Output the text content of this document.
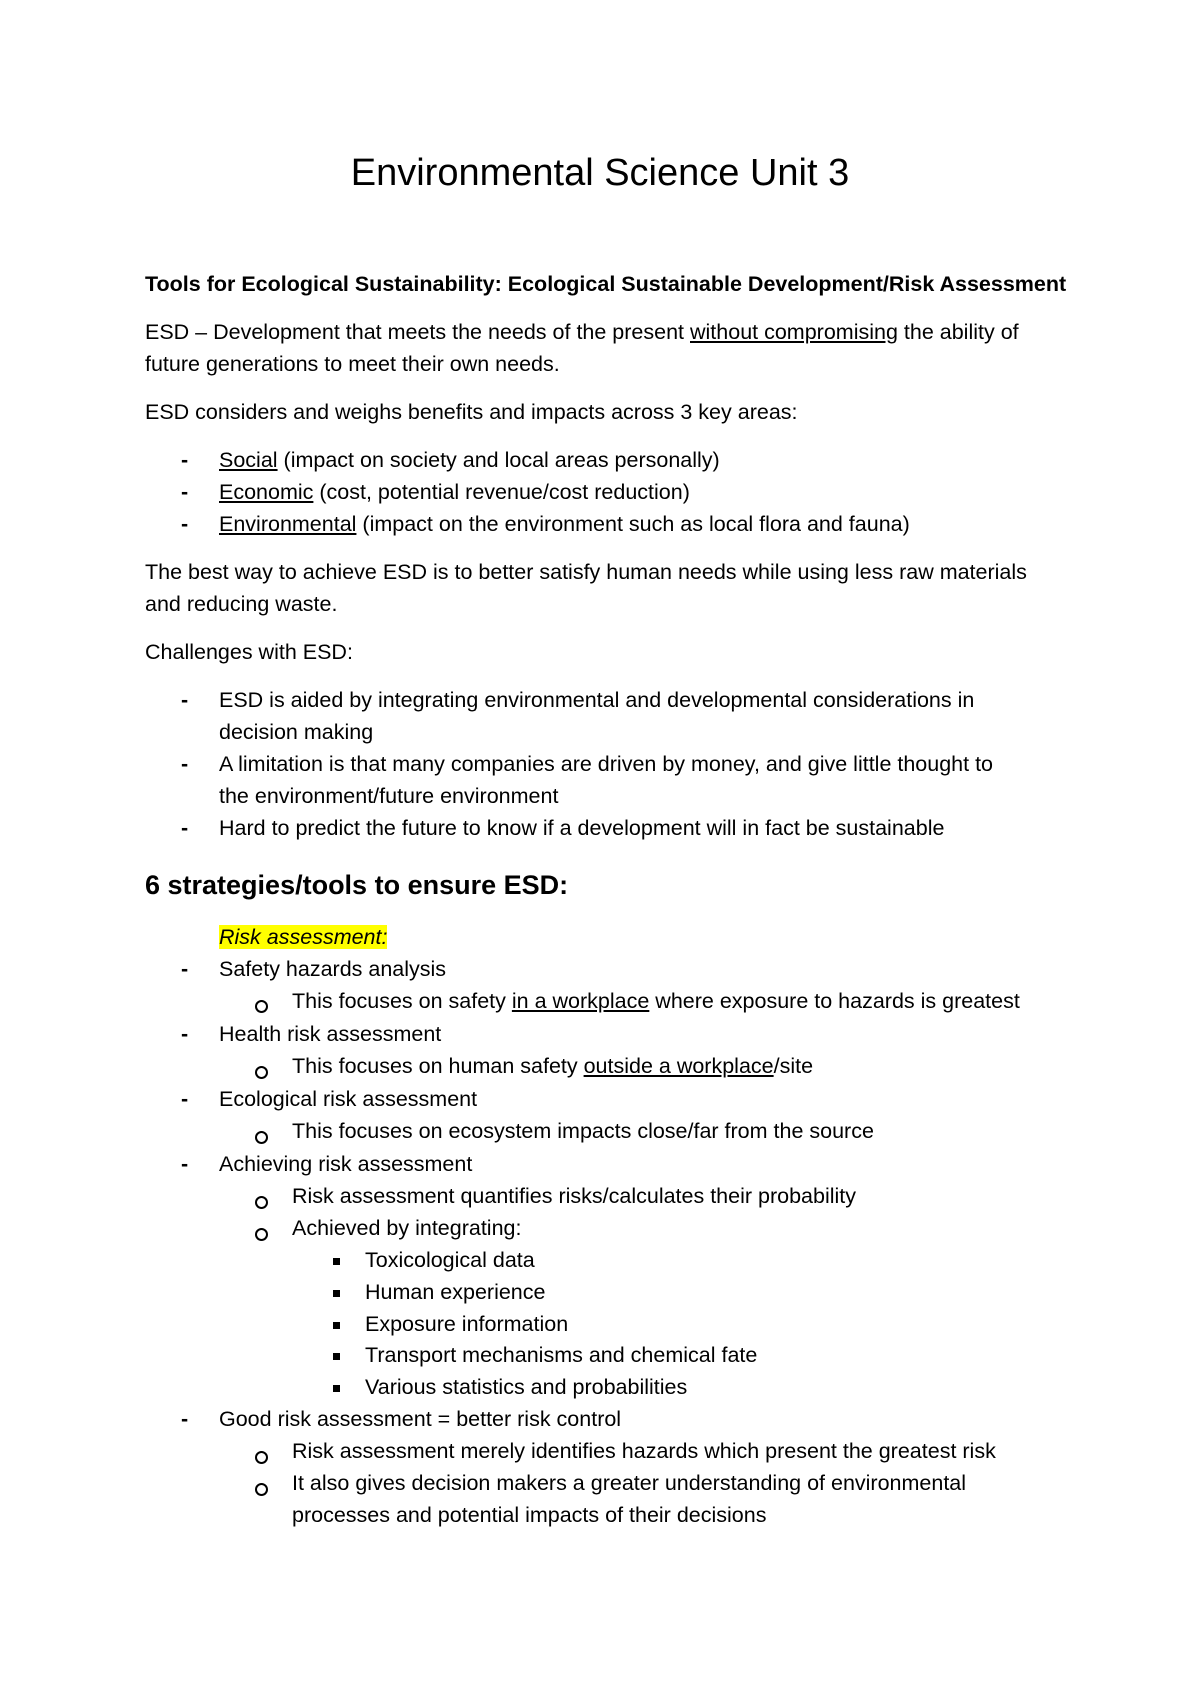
Environmental Science Unit 3
Tools for Ecological Sustainability: Ecological Sustainable Development/Risk Assessment
ESD – Development that meets the needs of the present without compromising the ability of
future generations to meet their own needs.
ESD considers and weighs benefits and impacts across 3 key areas:
- Social (impact on society and local areas personally)
- Economic (cost, potential revenue/cost reduction)
- Environmental (impact on the environment such as local flora and fauna)
The best way to achieve ESD is to better satisfy human needs while using less raw materials
and reducing waste.
Challenges with ESD:
- ESD is aided by integrating environmental and developmental considerations in
decision making
- A limitation is that many companies are driven by money, and give little thought to
the environment/future environment
- Hard to predict the future to know if a development will in fact be sustainable
6 strategies/tools to ensure ESD:
Risk assessment:
- Safety hazards analysis
This focuses on safety in a workplace where exposure to hazards is greatest
- Health risk assessment
This focuses on human safety outside a workplace/site
- Ecological risk assessment
This focuses on ecosystem impacts close/far from the source
- Achieving risk assessment
Risk assessment quantifies risks/calculates their probability
Achieved by integrating:
Toxicological data
Human experience
Exposure information
Transport mechanisms and chemical fate
Various statistics and probabilities
- Good risk assessment = better risk control
Risk assessment merely identifies hazards which present the greatest risk
It also gives decision makers a greater understanding of environmental
processes and potential impacts of their decisions
